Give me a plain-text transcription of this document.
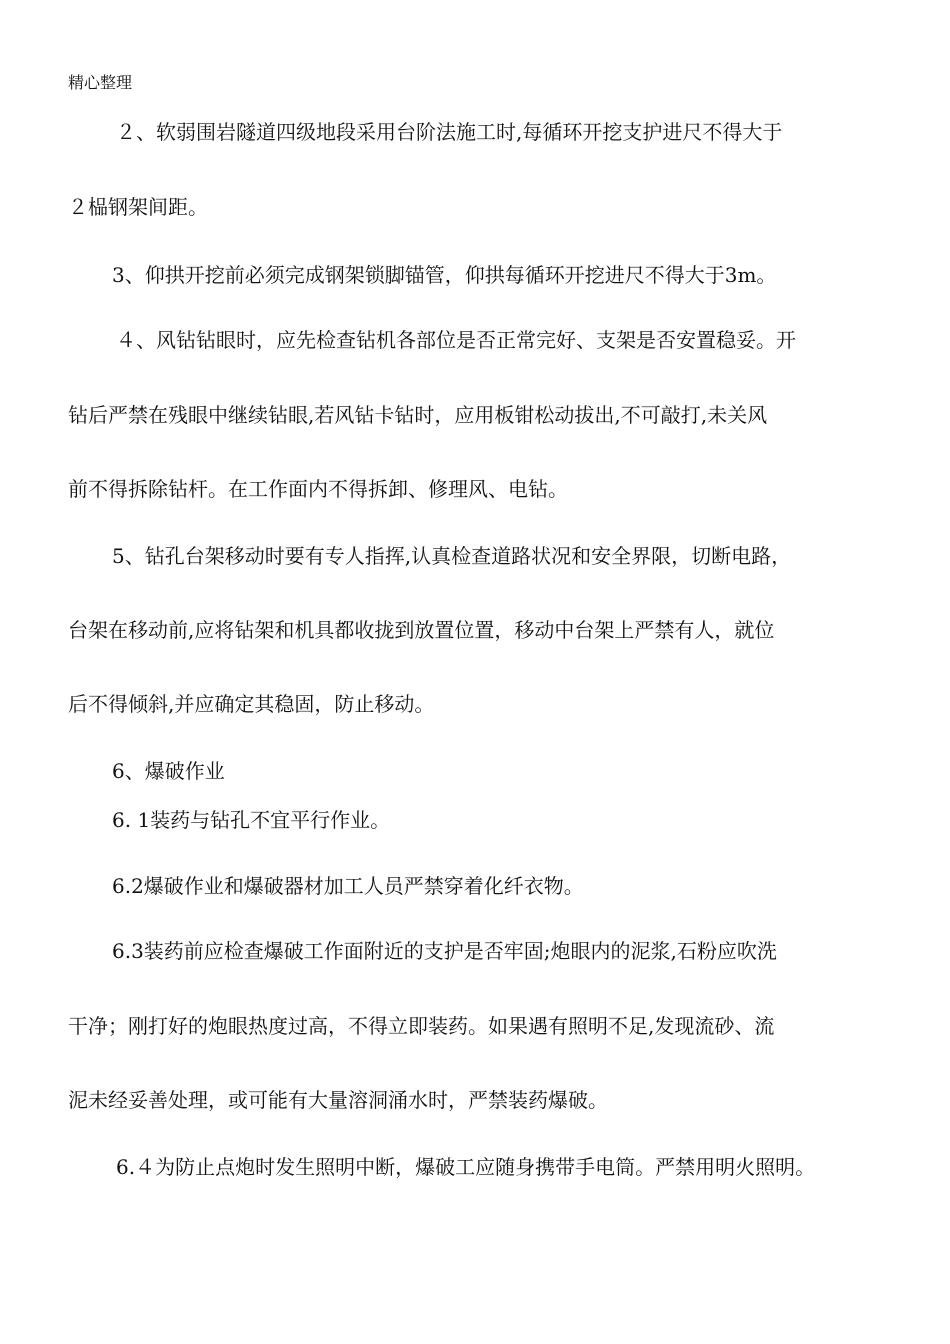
精心整理
２、软弱围岩隧道四级地段采用台阶法施工时,每循环开挖支护进尺不得大于
２榀钢架间距。
3、仰拱开挖前必须完成钢架锁脚锚管，仰拱每循环开挖进尺不得大于3m。
４、风钻钻眼时，应先检查钻机各部位是否正常完好、支架是否安置稳妥。开
钻后严禁在残眼中继续钻眼,若风钻卡钻时，应用板钳松动拔出,不可敲打,未关风
前不得拆除钻杆。在工作面内不得拆卸、修理风、电钻。
5、钻孔台架移动时要有专人指挥,认真检查道路状况和安全界限，切断电路，
台架在移动前,应将钻架和机具都收拢到放置位置，移动中台架上严禁有人，就位
后不得倾斜,并应确定其稳固，防止移动。
6、爆破作业
6. 1装药与钻孔不宜平行作业。
6.2爆破作业和爆破器材加工人员严禁穿着化纤衣物。
6.3装药前应检查爆破工作面附近的支护是否牢固;炮眼内的泥浆,石粉应吹洗
干净；刚打好的炮眼热度过高，不得立即装药。如果遇有照明不足,发现流砂、流
泥未经妥善处理，或可能有大量溶洞涌水时，严禁装药爆破。
6.４为防止点炮时发生照明中断，爆破工应随身携带手电筒。严禁用明火照明。
